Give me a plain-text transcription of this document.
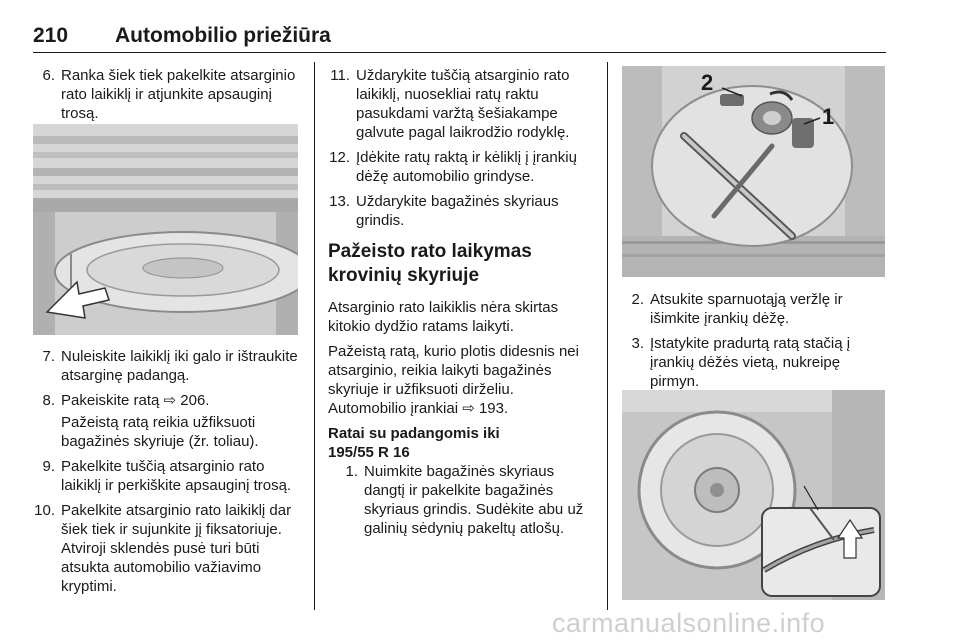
210 Automobilio priežiūra
6. Ranka šiek tiek pakelkite atsarginio rato laikiklį ir atjunkite apsauginį trosą.
7. Nuleiskite laikiklį iki galo ir ištraukite atsarginę padangą.
8. Pakeiskite ratą ⇨ 206.
Pažeistą ratą reikia užfiksuoti bagažinės skyriuje (žr. toliau).
9. Pakelkite tuščią atsarginio rato laikiklį ir perkiškite apsauginį trosą.
10. Pakelkite atsarginio rato laikiklį dar šiek tiek ir sujunkite jį fiksatoriuje. Atviroji sklendės pusė turi būti atsukta automobilio važiavimo kryptimi.
11. Uždarykite tuščią atsarginio rato laikiklį, nuosekliai ratų raktu pasukdami varžtą šešiakampe galvute pagal laikrodžio rodyklę.
12. Įdėkite ratų raktą ir kėliklį į įrankių dėžę automobilio grindyse.
13. Uždarykite bagažinės skyriaus grindis.
Pažeisto rato laikymas krovinių skyriuje

Atsarginio rato laikiklis nėra skirtas kitokio dydžio ratams laikyti.

Pažeistą ratą, kurio plotis didesnis nei atsarginio, reikia laikyti bagažinės skyriuje ir užfiksuoti dirželiu.

Automobilio įrankiai ⇨ 193.

Ratai su padangomis iki
195/55 R 16
1. Nuimkite bagažinės skyriaus dangtį ir pakelkite bagažinės skyriaus grindis. Sudėkite abu už galinių sėdynių pakeltų atlošų.
2
1
2. Atsukite sparnuotąją veržlę ir išimkite įrankių dėžę.
3. Įstatykite pradurtą ratą stačią į įrankių dėžės vietą, nukreipę pirmyn.
carmanualsonline.info
